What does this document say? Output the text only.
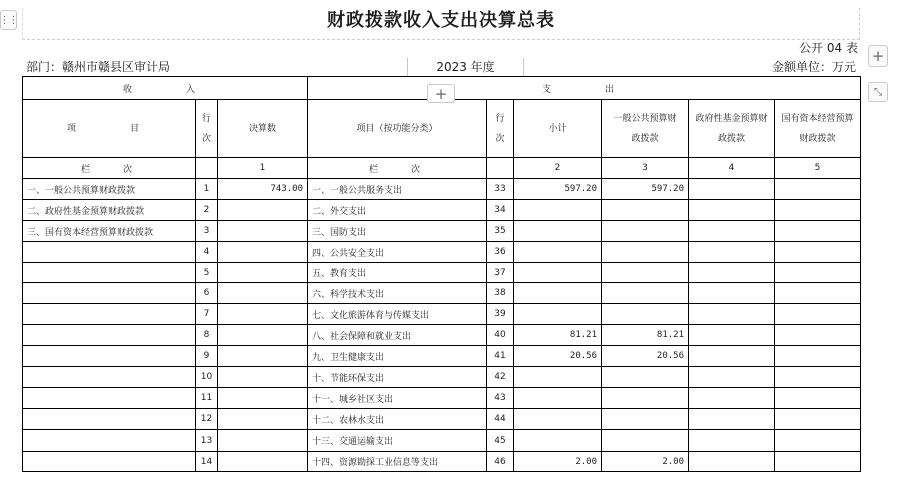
⋮⋮
+
⤡
+
财政拨款收入支出决算总表
公开 04 表
部门：赣州市赣县区审计局	2023 年度	金额单位：万元
收　　入			支　　出					
项　　目	行次	决算数	项目（按功能分类）	行次	小计	一般公共预算财政拨款	政府性基金预算财政拨款	国有资本经营预算财政拨款
栏　　次		1	栏　　次		2	3	4	5
一、一般公共预算财政拨款	1	743.00	一、一般公共服务支出	33	597.20	597.20		
二、政府性基金预算财政拨款	2		二、外交支出	34				
三、国有资本经营预算财政拨款	3		三、国防支出	35				
	4		四、公共安全支出	36				
	5		五、教育支出	37				
	6		六、科学技术支出	38				
	7		七、文化旅游体育与传媒支出	39				
	8		八、社会保障和就业支出	40	81.21	81.21		
	9		九、卫生健康支出	41	20.56	20.56		
	10		十、节能环保支出	42				
	11		十一、城乡社区支出	43				
	12		十二、农林水支出	44				
	13		十三、交通运输支出	45				
	14		十四、资源勘探工业信息等支出	46	2.00	2.00		
